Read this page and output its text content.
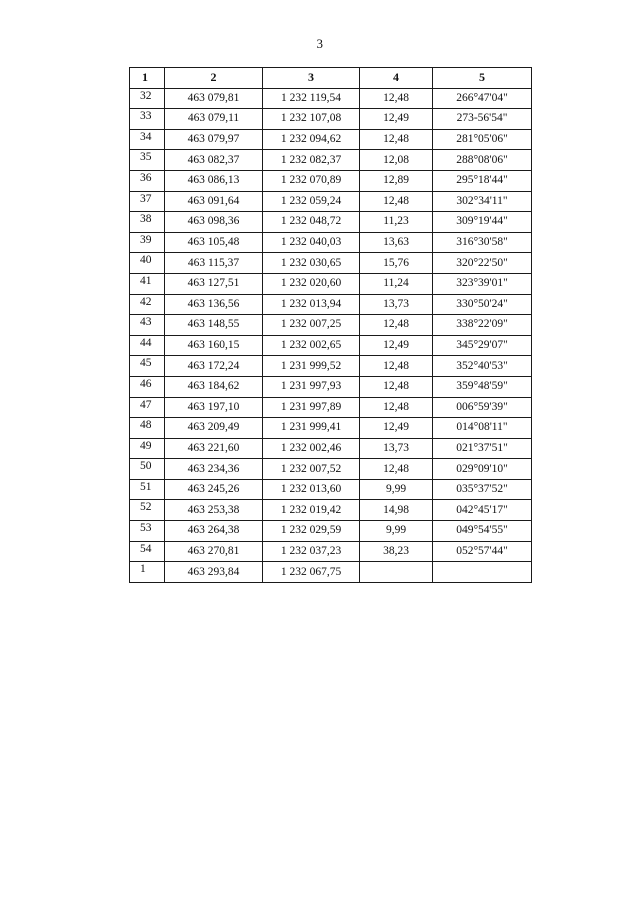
3
1	2	3	4	5
32	463 079,81	1 232 119,54	12,48	266°47'04"
33	463 079,11	1 232 107,08	12,49	273-56'54"
34	463 079,97	1 232 094,62	12,48	281°05'06"
35	463 082,37	1 232 082,37	12,08	288°08'06"
36	463 086,13	1 232 070,89	12,89	295°18'44"
37	463 091,64	1 232 059,24	12,48	302°34'11"
38	463 098,36	1 232 048,72	11,23	309°19'44"
39	463 105,48	1 232 040,03	13,63	316°30'58"
40	463 115,37	1 232 030,65	15,76	320°22'50"
41	463 127,51	1 232 020,60	11,24	323°39'01"
42	463 136,56	1 232 013,94	13,73	330°50'24"
43	463 148,55	1 232 007,25	12,48	338°22'09"
44	463 160,15	1 232 002,65	12,49	345°29'07"
45	463 172,24	1 231 999,52	12,48	352°40'53"
46	463 184,62	1 231 997,93	12,48	359°48'59"
47	463 197,10	1 231 997,89	12,48	006°59'39"
48	463 209,49	1 231 999,41	12,49	014°08'11"
49	463 221,60	1 232 002,46	13,73	021°37'51"
50	463 234,36	1 232 007,52	12,48	029°09'10"
51	463 245,26	1 232 013,60	9,99	035°37'52"
52	463 253,38	1 232 019,42	14,98	042°45'17"
53	463 264,38	1 232 029,59	9,99	049°54'55"
54	463 270,81	1 232 037,23	38,23	052°57'44"
1	463 293,84	1 232 067,75		
